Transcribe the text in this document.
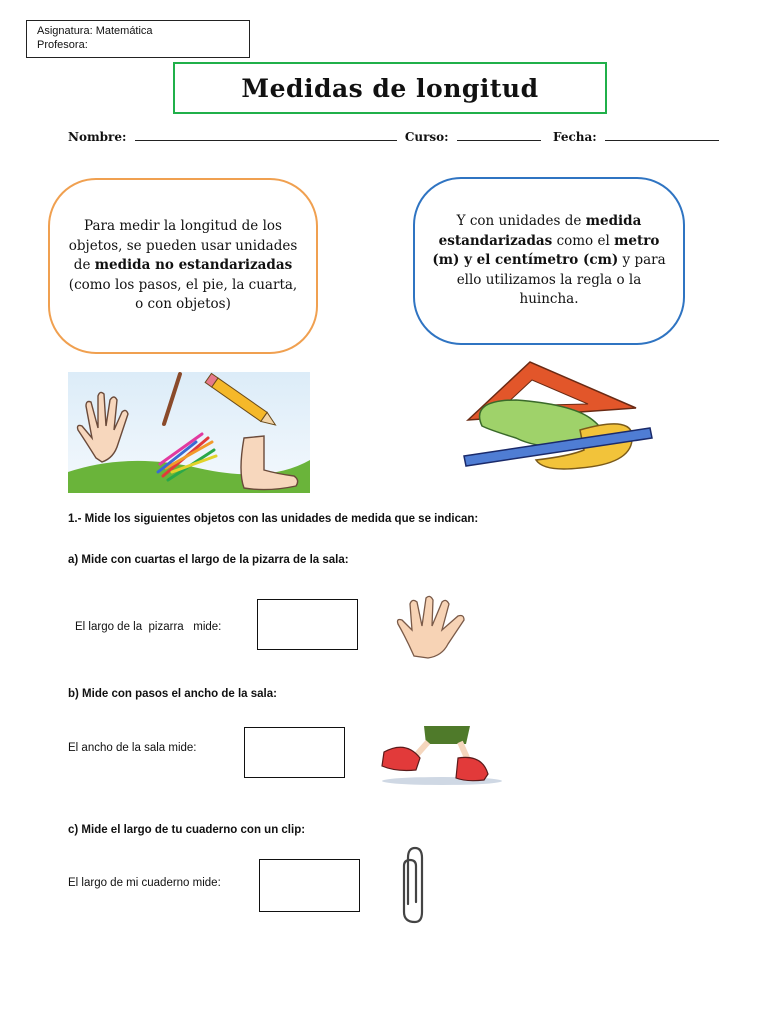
Asignatura: Matemática
Profesora:
Medidas de longitud
Nombre:	Curso:	Fecha:
Para medir la longitud de los objetos, se pueden usar unidades de medida no estandarizadas (como los pasos, el pie, la cuarta, o con objetos)
Y con unidades de medida estandarizadas como el metro (m) y el centímetro (cm) y para ello utilizamos la regla o la huincha.
1.- Mide los siguientes objetos con las unidades de medida que se indican:
a) Mide con cuartas el largo de la pizarra de la sala:
El largo de la  pizarra   mide:
b) Mide con pasos el ancho de la sala:
El ancho de la sala mide:
c) Mide el largo de tu cuaderno con un clip:
El largo de mi cuaderno mide:
